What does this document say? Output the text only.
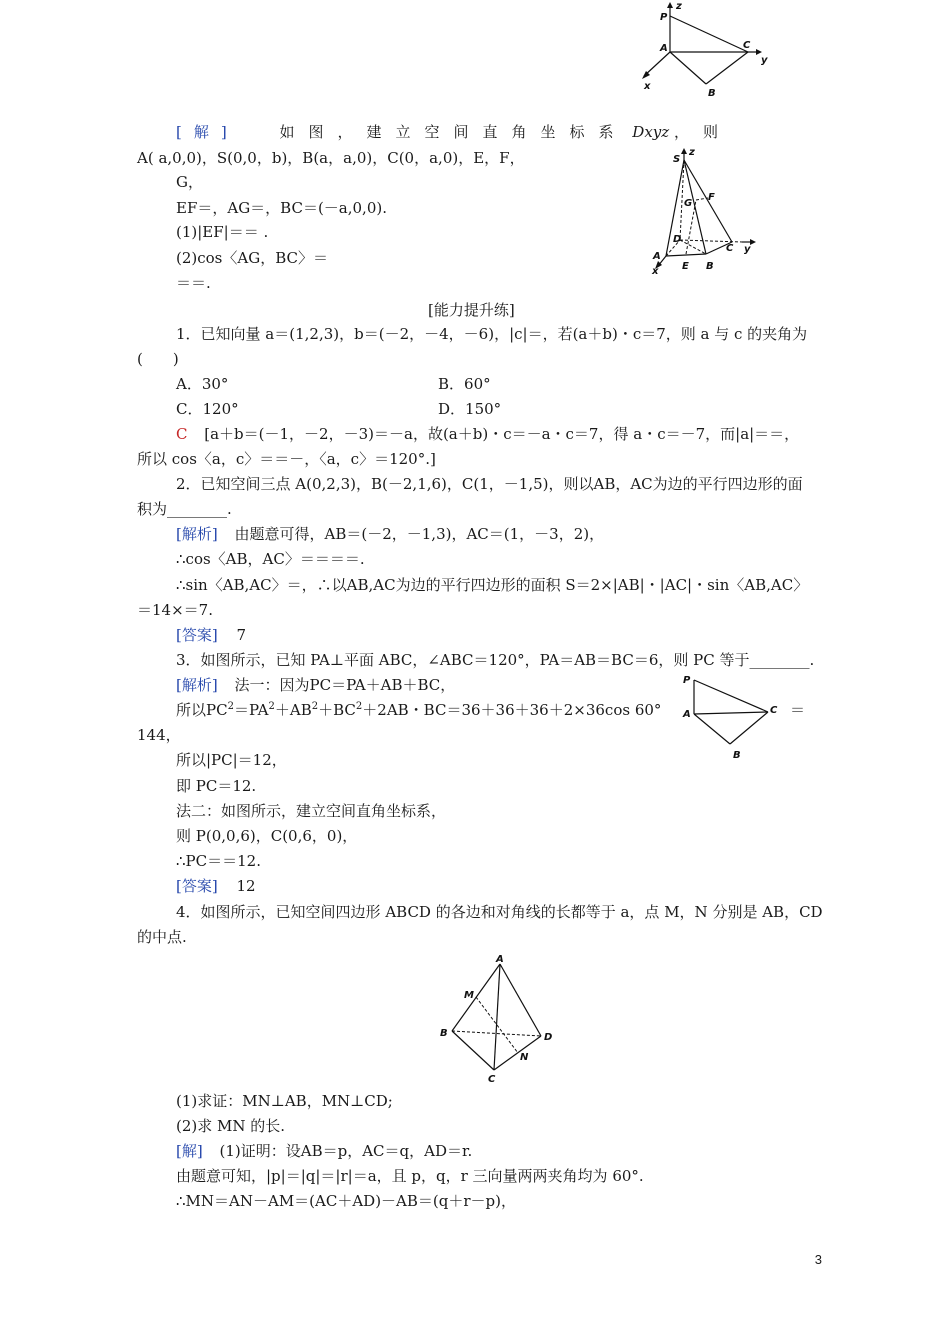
z
P
A	C
y
x
B
[解]	如图，建立空间直角坐标系 Dxyz ，则
A( a,0,0)，S(0,0，b)，B(a，a,0)，C(0，a,0)，E，F，
G，
EF＝，AG＝，BC＝(－a,0,0).
(1)|EF|＝＝ .
(2)cos〈AG，BC〉＝
＝＝.
S
z
F
G
D
C y
A
E B
x
[能力提升练]
1．已知向量 a＝(1,2,3)，b＝(－2，－4，－6)，|c|＝，若(a＋b)・c＝7，则 a 与 c 的夹角为
(　　)
A．30°	B．60°
C．120°	D．150°
C [a＋b＝(－1，－2，－3)＝－a，故(a＋b)・c＝－a・c＝7，得 a・c＝－7，而|a|＝＝，
所以 cos〈a，c〉＝＝－，〈a，c〉＝120°.]
2．已知空间三点 A(0,2,3)，B(－2,1,6)，C(1，－1,5)，则以AB，AC为边的平行四边形的面
积为________.
[解析] 由题意可得，AB＝(－2，－1,3)，AC＝(1，－3，2)，
∴cos〈AB，AC〉＝＝＝＝.
∴sin〈AB,AC〉＝，∴以AB,AC为边的平行四边形的面积 S＝2×|AB|・|AC|・sin〈AB,AC〉
＝14×＝7.
[答案] 7
3．如图所示，已知 PA⊥平面 ABC，∠ABC＝120°，PA＝AB＝BC＝6，则 PC 等于________.
[解析] 法一：因为PC＝PA＋AB＋BC，
所以$PC^2=PA^2+AB^2+BC^2+2AB$・BC＝36＋36＋36＋2×36cos 60°	＝
144，
所以|PC|＝12，
即 PC＝12.
法二：如图所示，建立空间直角坐标系，
则 P(0,0,6)，C(0,6，0)，
∴PC＝＝12.
[答案] 12
P
A	C
B
4．如图所示，已知空间四边形 ABCD 的各边和对角线的长都等于 a，点 M，N 分别是 AB，CD
的中点.
A
M
B	D
N
C
(1)求证：MN⊥AB，MN⊥CD;
(2)求 MN 的长.
[解] (1)证明：设AB＝p，AC＝q，AD＝r.
由题意可知，|p|＝|q|＝|r|＝a，且 p，q，r 三向量两两夹角均为 60°.
∴MN＝AN－AM＝(AC＋AD)－AB＝(q＋r－p)，
3
